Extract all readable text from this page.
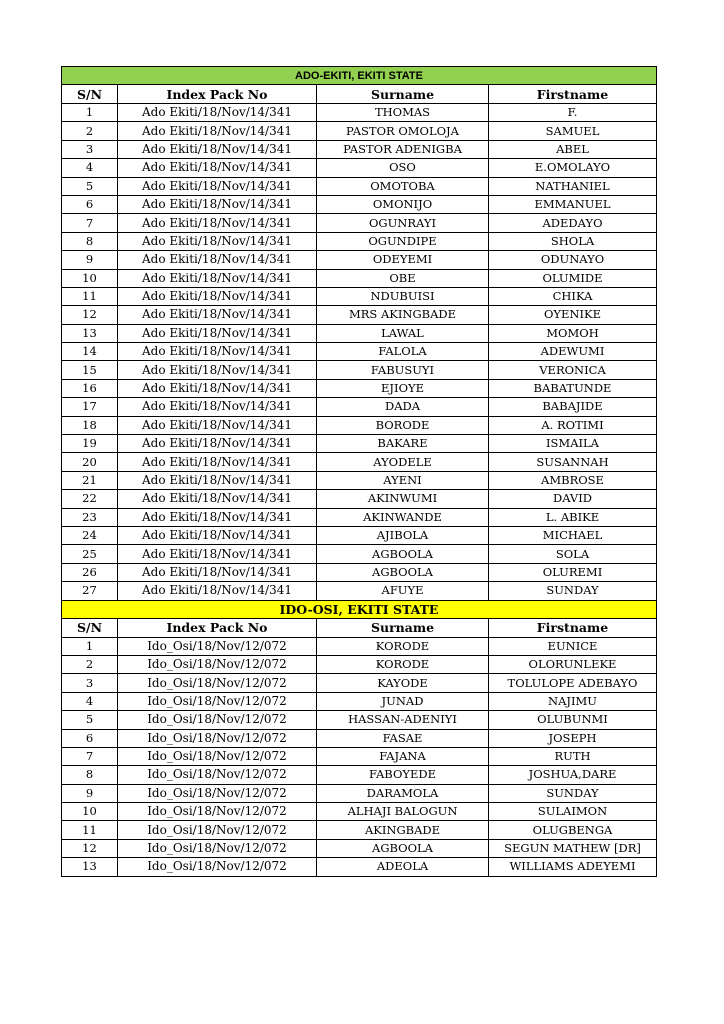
ADO-EKITI, EKITI STATE			
S/N	Index Pack No	Surname	Firstname
1	Ado Ekiti/18/Nov/14/341	THOMAS	F.
2	Ado Ekiti/18/Nov/14/341	PASTOR OMOLOJA	SAMUEL
3	Ado Ekiti/18/Nov/14/341	PASTOR ADENIGBA	ABEL
4	Ado Ekiti/18/Nov/14/341	OSO	E.OMOLAYO
5	Ado Ekiti/18/Nov/14/341	OMOTOBA	NATHANIEL
6	Ado Ekiti/18/Nov/14/341	OMONIJO	EMMANUEL
7	Ado Ekiti/18/Nov/14/341	OGUNRAYI	ADEDAYO
8	Ado Ekiti/18/Nov/14/341	OGUNDIPE	SHOLA
9	Ado Ekiti/18/Nov/14/341	ODEYEMI	ODUNAYO
10	Ado Ekiti/18/Nov/14/341	OBE	OLUMIDE
11	Ado Ekiti/18/Nov/14/341	NDUBUISI	CHIKA
12	Ado Ekiti/18/Nov/14/341	MRS AKINGBADE	OYENIKE
13	Ado Ekiti/18/Nov/14/341	LAWAL	MOMOH
14	Ado Ekiti/18/Nov/14/341	FALOLA	ADEWUMI
15	Ado Ekiti/18/Nov/14/341	FABUSUYI	VERONICA
16	Ado Ekiti/18/Nov/14/341	EJIOYE	BABATUNDE
17	Ado Ekiti/18/Nov/14/341	DADA	BABAJIDE
18	Ado Ekiti/18/Nov/14/341	BORODE	A. ROTIMI
19	Ado Ekiti/18/Nov/14/341	BAKARE	ISMAILA
20	Ado Ekiti/18/Nov/14/341	AYODELE	SUSANNAH
21	Ado Ekiti/18/Nov/14/341	AYENI	AMBROSE
22	Ado Ekiti/18/Nov/14/341	AKINWUMI	DAVID
23	Ado Ekiti/18/Nov/14/341	AKINWANDE	L. ABIKE
24	Ado Ekiti/18/Nov/14/341	AJIBOLA	MICHAEL
25	Ado Ekiti/18/Nov/14/341	AGBOOLA	SOLA
26	Ado Ekiti/18/Nov/14/341	AGBOOLA	OLUREMI
27	Ado Ekiti/18/Nov/14/341	AFUYE	SUNDAY
IDO-OSI, EKITI STATE			
S/N	Index Pack No	Surname	Firstname
1	Ido_Osi/18/Nov/12/072	KORODE	EUNICE
2	Ido_Osi/18/Nov/12/072	KORODE	OLORUNLEKE
3	Ido_Osi/18/Nov/12/072	KAYODE	TOLULOPE ADEBAYO
4	Ido_Osi/18/Nov/12/072	JUNAD	NAJIMU
5	Ido_Osi/18/Nov/12/072	HASSAN-ADENIYI	OLUBUNMI
6	Ido_Osi/18/Nov/12/072	FASAE	JOSEPH
7	Ido_Osi/18/Nov/12/072	FAJANA	RUTH
8	Ido_Osi/18/Nov/12/072	FABOYEDE	JOSHUA,DARE
9	Ido_Osi/18/Nov/12/072	DARAMOLA	SUNDAY
10	Ido_Osi/18/Nov/12/072	ALHAJI BALOGUN	SULAIMON
11	Ido_Osi/18/Nov/12/072	AKINGBADE	OLUGBENGA
12	Ido_Osi/18/Nov/12/072	AGBOOLA	SEGUN MATHEW [DR]
13	Ido_Osi/18/Nov/12/072	ADEOLA	WILLIAMS ADEYEMI
